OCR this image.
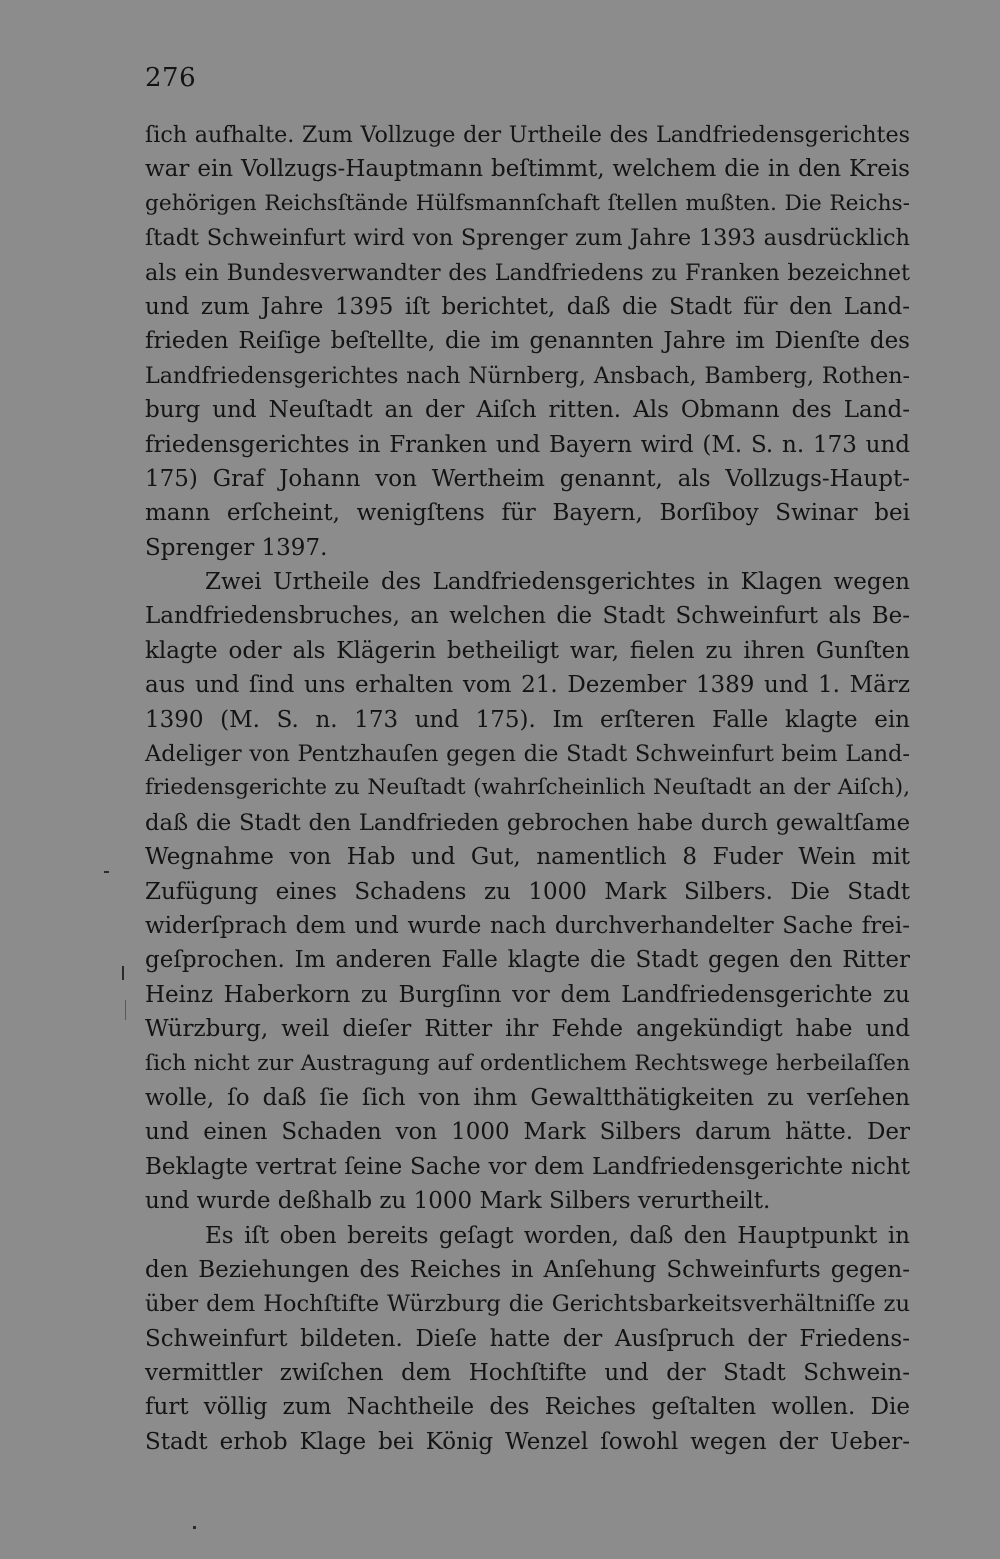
276
ſich aufhalte. Zum Vollzuge der Urtheile des Landfriedensgerichtes
war ein Vollzugs-Hauptmann beſtimmt, welchem die in den Kreis
gehörigen Reichsſtände Hülfsmannſchaft ſtellen mußten. Die Reichs-
ſtadt Schweinfurt wird von Sprenger zum Jahre 1393 ausdrücklich
als ein Bundesverwandter des Landfriedens zu Franken bezeichnet
und zum Jahre 1395 iſt berichtet, daß die Stadt für den Land-
frieden Reiſige beſtellte, die im genannten Jahre im Dienſte des
Landfriedensgerichtes nach Nürnberg, Ansbach, Bamberg, Rothen-
burg und Neuſtadt an der Aiſch ritten. Als Obmann des Land-
friedensgerichtes in Franken und Bayern wird (M. S. n. 173 und
175) Graf Johann von Wertheim genannt, als Vollzugs-Haupt-
mann erſcheint, wenigſtens für Bayern, Borſiboy Swinar bei
Sprenger 1397.
Zwei Urtheile des Landfriedensgerichtes in Klagen wegen
Landfriedensbruches, an welchen die Stadt Schweinfurt als Be-
klagte oder als Klägerin betheiligt war, fielen zu ihren Gunſten
aus und ſind uns erhalten vom 21. Dezember 1389 und 1. März
1390 (M. S. n. 173 und 175). Im erſteren Falle klagte ein
Adeliger von Pentzhauſen gegen die Stadt Schweinfurt beim Land-
friedensgerichte zu Neuſtadt (wahrſcheinlich Neuſtadt an der Aiſch),
daß die Stadt den Landfrieden gebrochen habe durch gewaltſame
Wegnahme von Hab und Gut, namentlich 8 Fuder Wein mit
Zufügung eines Schadens zu 1000 Mark Silbers. Die Stadt
widerſprach dem und wurde nach durchverhandelter Sache frei-
geſprochen. Im anderen Falle klagte die Stadt gegen den Ritter
Heinz Haberkorn zu Burgſinn vor dem Landfriedensgerichte zu
Würzburg, weil dieſer Ritter ihr Fehde angekündigt habe und
ſich nicht zur Austragung auf ordentlichem Rechtswege herbeilaſſen
wolle, ſo daß ſie ſich von ihm Gewaltthätigkeiten zu verſehen
und einen Schaden von 1000 Mark Silbers darum hätte. Der
Beklagte vertrat ſeine Sache vor dem Landfriedensgerichte nicht
und wurde deßhalb zu 1000 Mark Silbers verurtheilt.
Es iſt oben bereits geſagt worden, daß den Hauptpunkt in
den Beziehungen des Reiches in Anſehung Schweinfurts gegen-
über dem Hochſtifte Würzburg die Gerichtsbarkeitsverhältniſſe zu
Schweinfurt bildeten. Dieſe hatte der Ausſpruch der Friedens-
vermittler zwiſchen dem Hochſtifte und der Stadt Schwein-
furt völlig zum Nachtheile des Reiches geſtalten wollen. Die
Stadt erhob Klage bei König Wenzel ſowohl wegen der Ueber-
